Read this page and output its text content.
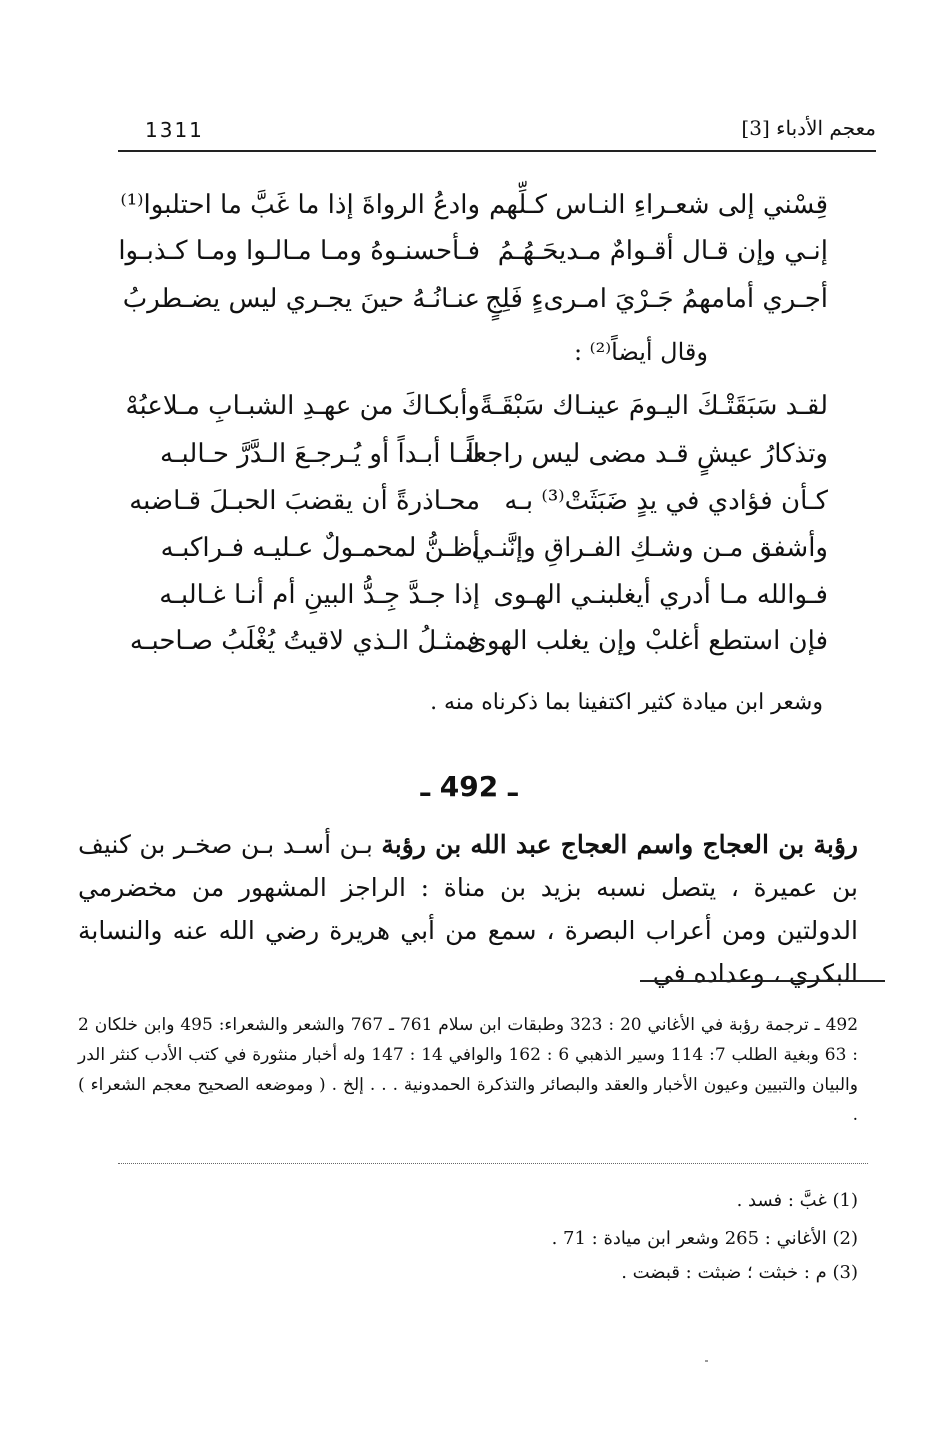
1311	معجم الأدباء [3]
قِسْني إلى شعـراءِ النـاس كـلِّهم
وادعُ الرواةَ إذا ما غَبَّ ما احتلبوا⁽¹⁾
إنـي وإن قـال أقـوامٌ مـديحَـهُـمُ
فـأحسنـوهُ ومـا مـالـوا ومـا كـذبـوا
أجـري أمامهمُ جَـرْيَ امـرىءٍ فَلِجٍ
عنـانُـهُ حينَ يجـري ليس يضـطربُ
وقال أيضاً⁽²⁾ :
لقـد سَبَقَتْـكَ اليـومَ عينـاك سَبْقَـةً
وأبكـاكَ من عهـدِ الشبـابِ مـلاعبُهْ
وتذكارُ عيشٍ قـد مضى ليس راجعاً
لنـا أبـداً أو يُـرجـعَ الـدَّرَّ حـالبـه
كـأن فؤادي في يدٍ ضَبَثَتْ⁽³⁾ بـه
محـاذرةً أن يقضبَ الحبـلَ قـاضبه
وأشفق مـن وشـكِ الفـراقِ وإنَّنـي
أظـنُّ لمحمـولٌ عـليـه فـراكبـه
فـوالله مـا أدري أيغلبنـي الهـوى
إذا جـدَّ جِـدُّ البينِ أم أنـا غـالبـه
فإن استطع أغلبْ وإن يغلب الهوى
فمثـلُ الـذي لاقيتُ يُغْلَبُ صـاحبـه
وشعر ابن ميادة كثير اكتفينا بما ذكرناه منه .
ـ 492 ـ
رؤبة بن العجاج واسم العجاج عبد الله بن رؤبة بـن أسـد بـن صخـر بن كنيف بن عميرة ، يتصل نسبه بزيد بن مناة : الراجز المشهور من مخضرمي الدولتين ومن أعراب البصرة ، سمع من أبي هريرة رضي الله عنه والنسابة البكري ، وعداده في
492 ـ ترجمة رؤبة في الأغاني 20 : 323 وطبقات ابن سلام 761 ـ 767 والشعر والشعراء: 495 وابن خلكان 2 : 63 وبغية الطلب 7: 114 وسير الذهبي 6 : 162 والوافي 14 : 147 وله أخبار منثورة في كتب الأدب كنثر الدر والبيان والتبيين وعيون الأخبار والعقد والبصائر والتذكرة الحمدونية . . . إلخ . ( وموضعه الصحيح معجم الشعراء ) .
(1) غبَّ : فسد .
(2) الأغاني : 265 وشعر ابن ميادة : 71 .
(3) م : خبثت ؛ ضبثت : قبضت .
